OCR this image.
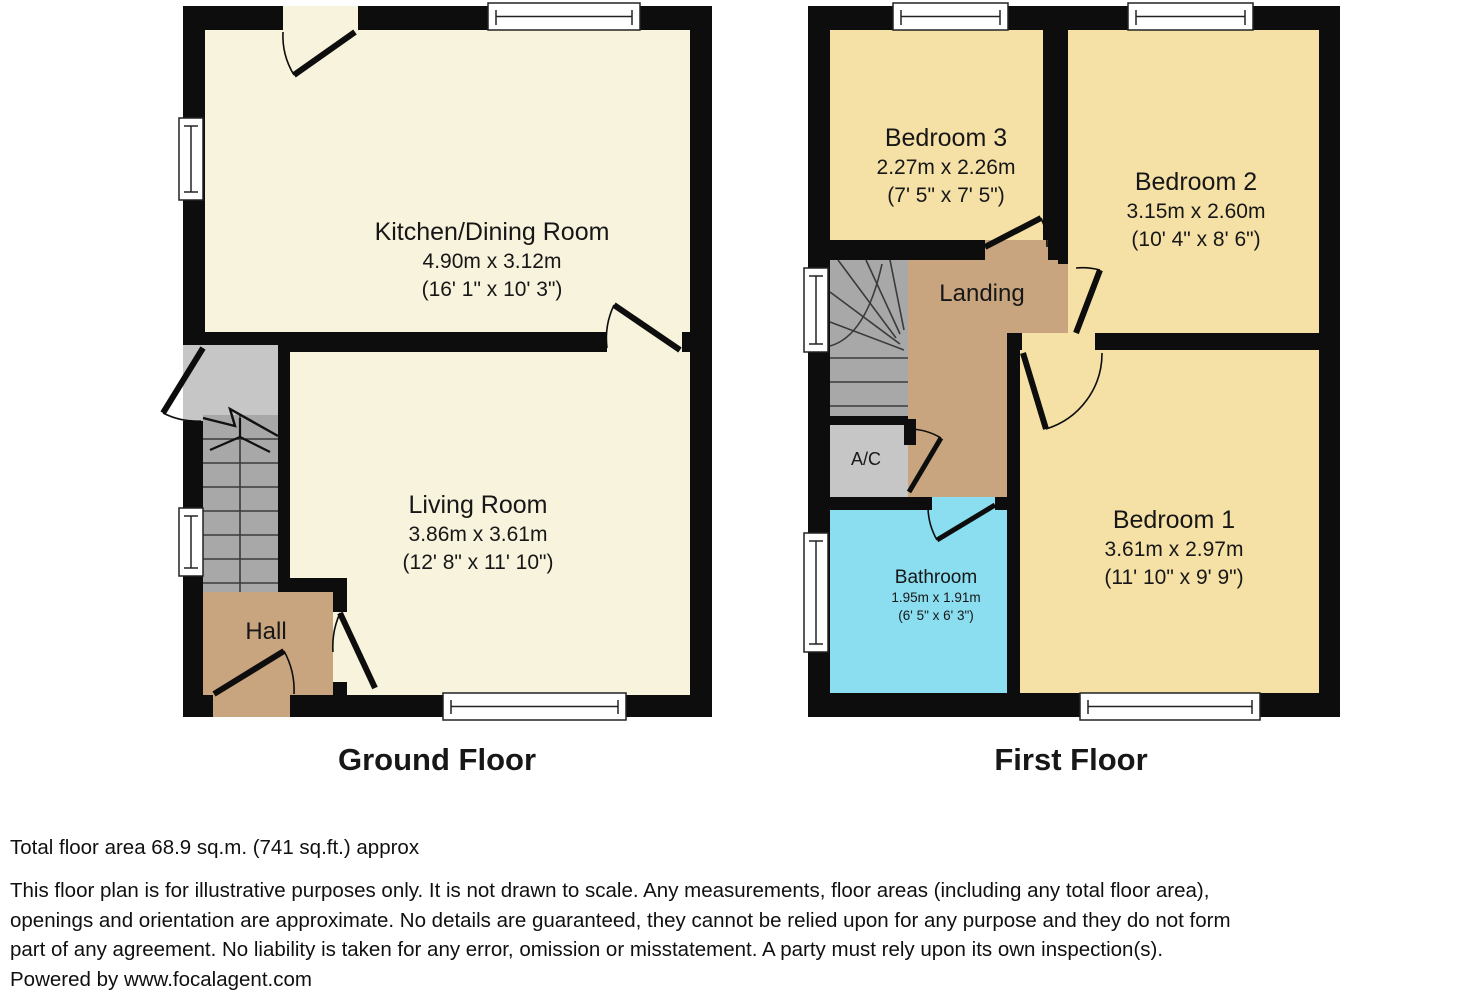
Kitchen/Dining Room
4.90m x 3.12m
(16' 1" x 10' 3")
Living Room
3.86m x 3.61m
(12' 8" x 11' 10")
Hall
Bedroom 3
2.27m x 2.26m
(7' 5" x 7' 5")	Bedroom 2
3.15m x 2.60m
(10' 4" x 8' 6")
Landing
A/C
Bathroom
1.95m x 1.91m
(6' 5" x 6' 3")
Bedroom 1
3.61m x 2.97m
(11' 10" x 9' 9")
Ground Floor	First Floor
Total floor area 68.9 sq.m. (741 sq.ft.) approx
This floor plan is for illustrative purposes only. It is not drawn to scale. Any measurements, floor areas (including any total floor area),
openings and orientation are approximate. No details are guaranteed, they cannot be relied upon for any purpose and they do not form
part of any agreement. No liability is taken for any error, omission or misstatement. A party must rely upon its own inspection(s).
Powered by www.focalagent.com
